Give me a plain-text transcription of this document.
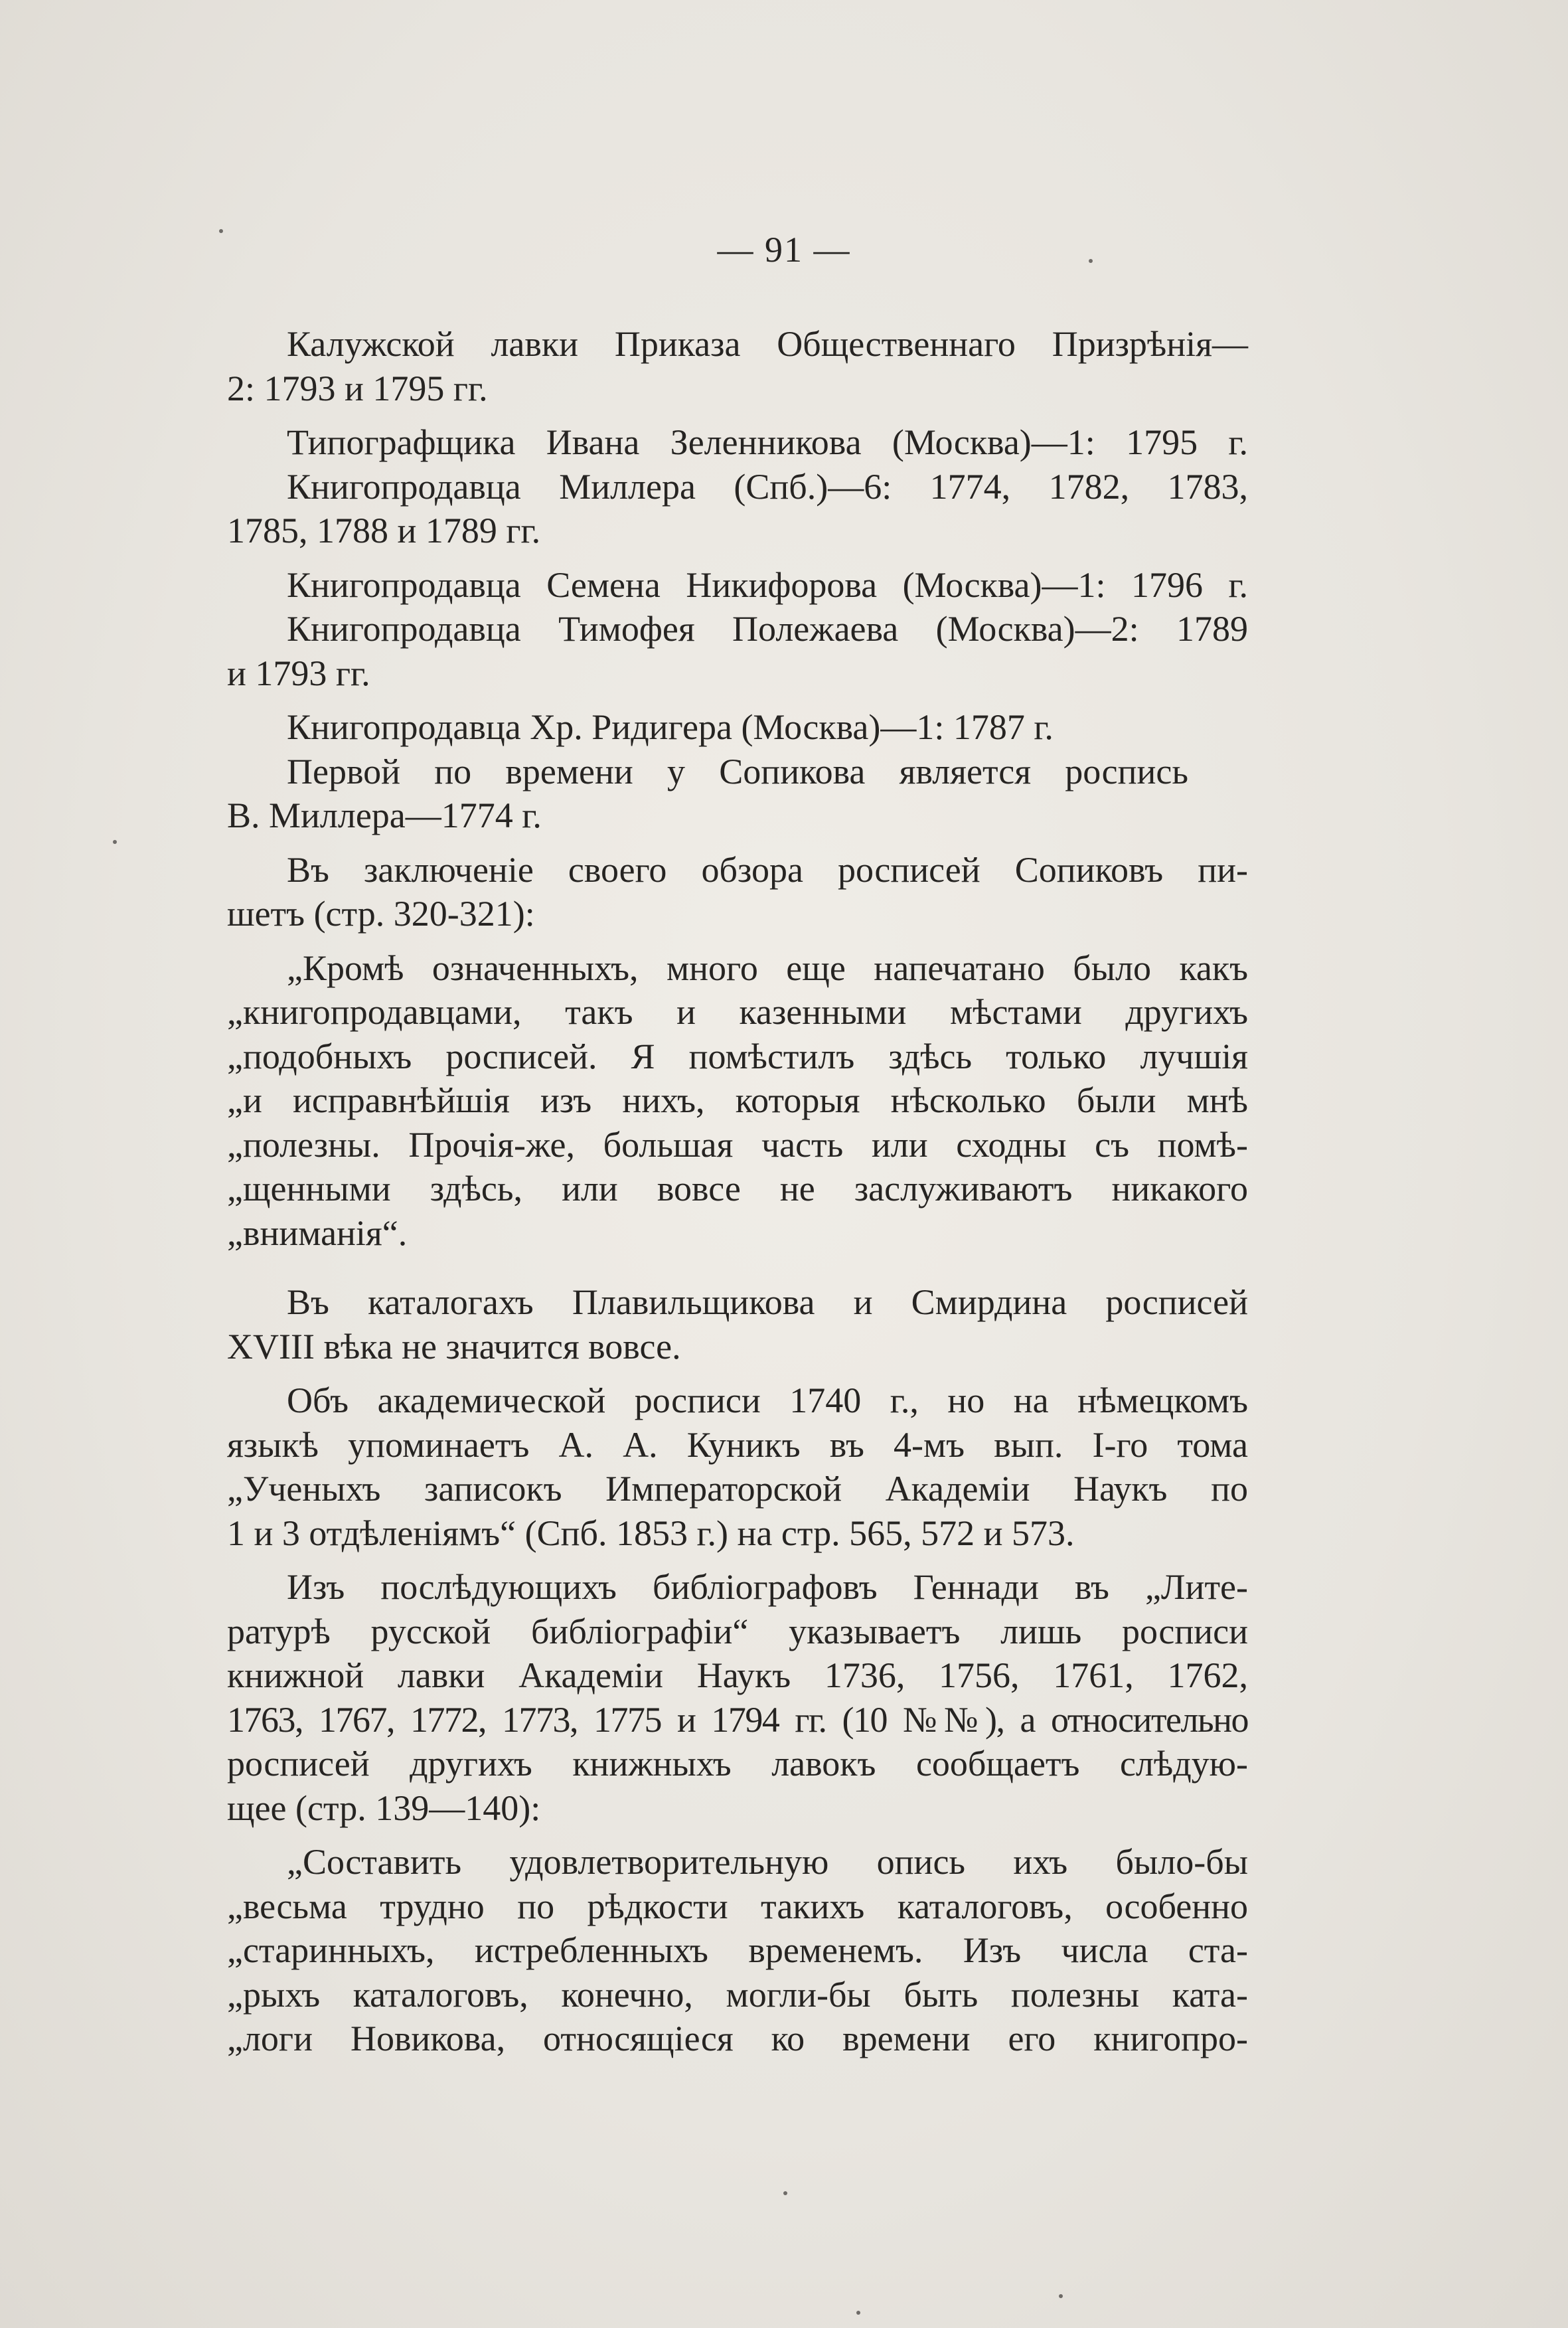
— 91 —

Калужской лавки Приказа Общественнаго Призрѣнія—
2: 1793 и 1795 гг.

Типографщика Ивана Зеленникова (Москва)—1: 1795 г.

Книгопродавца Миллера (Спб.)—6: 1774, 1782, 1783,
1785, 1788 и 1789 гг.

Книгопродавца Семена Никифорова (Москва)—1: 1796 г.

Книгопродавца Тимофея Полежаева (Москва)—2: 1789
и 1793 гг.

Книгопродавца Хр. Ридигера (Москва)—1: 1787 г.

Первой по времени у Сопикова является роспись
В. Миллера—1774 г.

Въ заключеніе своего обзора росписей Сопиковъ пи-
шетъ (стр. 320-321):

„Кромѣ означенныхъ, много еще напечатано было какъ
„книгопродавцами, такъ и казенными мѣстами другихъ
„подобныхъ росписей. Я помѣстилъ здѣсь только лучшія
„и исправнѣйшія изъ нихъ, которыя нѣсколько были мнѣ
„полезны. Прочія-же, большая часть или сходны съ помѣ-
„щенными здѣсь, или вовсе не заслуживаютъ никакого
„вниманія“.

Въ каталогахъ Плавильщикова и Смирдина росписей
XVIII вѣка не значится вовсе.

Объ академической росписи 1740 г., но на нѣмецкомъ
языкѣ упоминаетъ А. А. Куникъ въ 4-мъ вып. I-го тома
„Ученыхъ записокъ Императорской Академіи Наукъ по
1 и 3 отдѣленіямъ“ (Спб. 1853 г.) на стр. 565, 572 и 573.

Изъ послѣдующихъ библіографовъ Геннади въ „Лите-
ратурѣ русской библіографіи“ указываетъ лишь росписи
книжной лавки Академіи Наукъ 1736, 1756, 1761, 1762,
1763, 1767, 1772, 1773, 1775 и 1794 гг. (10 №№), а относительно
росписей другихъ книжныхъ лавокъ сообщаетъ слѣдую-
щее (стр. 139—140):

„Составить удовлетворительную опись ихъ было-бы
„весьма трудно по рѣдкости такихъ каталоговъ, особенно
„старинныхъ, истребленныхъ временемъ. Изъ числа ста-
„рыхъ каталоговъ, конечно, могли-бы быть полезны ката-
„логи Новикова, относящіеся ко времени его книгопро-
